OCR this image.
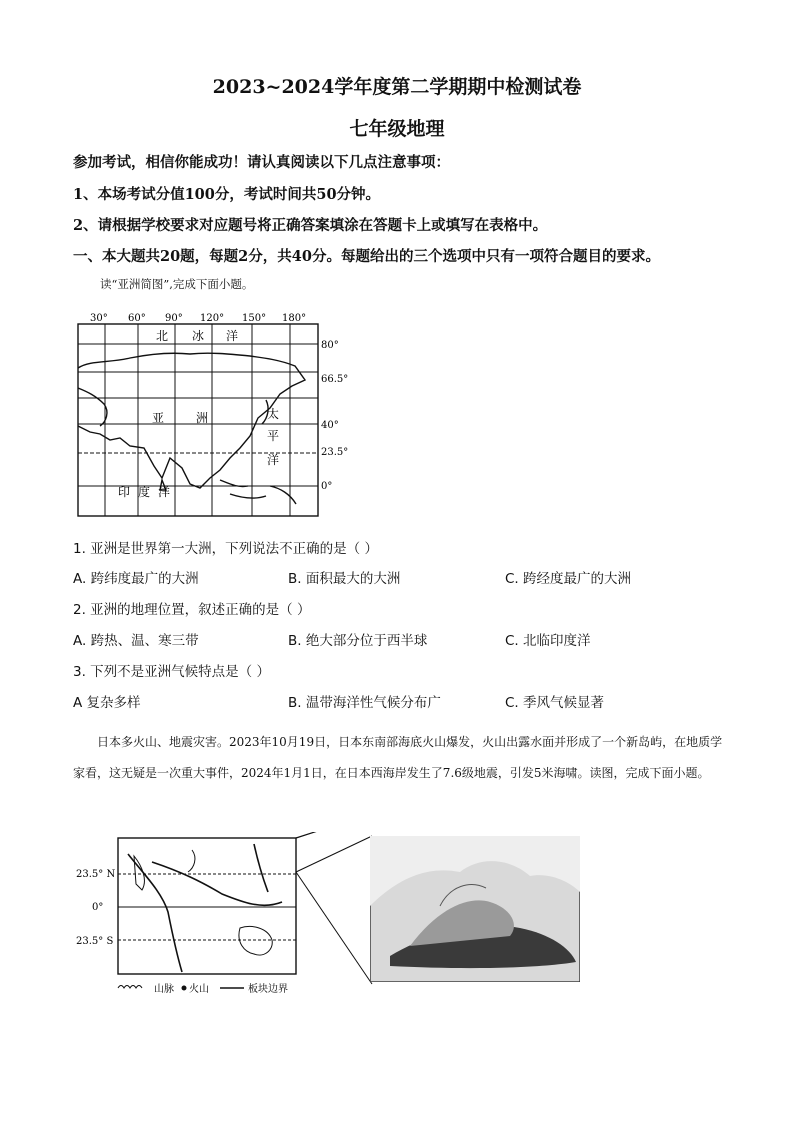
2023~2024学年度第二学期期中检测试卷
七年级地理
参加考试，相信你能成功！请认真阅读以下几点注意事项：
1、本场考试分值100分，考试时间共50分钟。
2、请根据学校要求对应题号将正确答案填涂在答题卡上或填写在表格中。
一、本大题共20题，每题2分，共40分。每题给出的三个选项中只有一项符合题目的要求。
读“亚洲简图”,完成下面小题。
30° 60° 90° 120° 150° 180°
北 冰 洋
亚	洲	太
平
洋
印 度 洋
80°
66.5°
40°
23.5°
0°
1. 亚洲是世界第一大洲，下列说法不正确的是（ ）
A. 跨纬度最广的大洲	B. 面积最大的大洲	C. 跨经度最广的大洲
2. 亚洲的地理位置，叙述正确的是（ ）
A. 跨热、温、寒三带	B. 绝大部分位于西半球	C. 北临印度洋
3. 下列不是亚洲气候特点是（ ）
A 复杂多样	B. 温带海洋性气候分布广	C. 季风气候显著
日本多火山、地震灾害。2023年10月19日，日本东南部海底火山爆发，火山出露水面并形成了一个新岛屿，在地质学家看，这无疑是一次重大事件，2024年1月1日，在日本西海岸发生了7.6级地震，引发5米海啸。读图，完成下面小题。
23.5° N
0°
23.5° S
山脉 火山	板块边界
